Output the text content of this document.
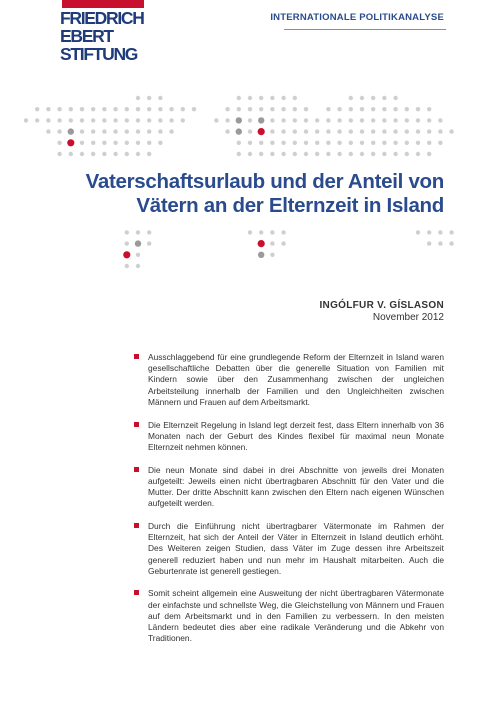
FRIEDRICH
EBERT
STIFTUNG
INTERNATIONALE POLITIKANALYSE
Vaterschaftsurlaub und der Anteil von
Vätern an der Elternzeit in Island
INGÓLFUR V. GÍSLASON
November 2012
Ausschlaggebend für eine grundlegende Reform der Elternzeit in Island waren gesellschaftliche Debatten über die generelle Situation von Familien mit Kindern sowie über den Zusammenhang zwischen der ungleichen Arbeitsteilung innerhalb der Familien und den Ungleichheiten zwischen Männern und Frauen auf dem Arbeitsmarkt.
Die Elternzeit Regelung in Island legt derzeit fest, dass Eltern innerhalb von 36 Monaten nach der Geburt des Kindes flexibel für maximal neun Monate Elternzeit nehmen können.
Die neun Monate sind dabei in drei Abschnitte von jeweils drei Monaten aufgeteilt: Jeweils einen nicht übertragbaren Abschnitt für den Vater und die Mutter. Der dritte Abschnitt kann zwischen den Eltern nach eigenen Wünschen aufgeteilt werden.
Durch die Einführung nicht übertragbarer Vätermonate im Rahmen der Elternzeit, hat sich der Anteil der Väter in Elternzeit in Island deutlich erhöht. Des Weiteren zeigen Studien, dass Väter im Zuge dessen ihre Arbeitszeit generell reduziert haben und nun mehr im Haushalt mitarbeiten. Auch die Geburtenrate ist generell gestiegen.
Somit scheint allgemein eine Ausweitung der nicht übertragbaren Vätermonate der einfachste und schnellste Weg, die Gleichstellung von Männern und Frauen auf dem Arbeitsmarkt und in den Familien zu verbessern. In den meisten Ländern bedeutet dies aber eine radikale Veränderung und die Abkehr von Traditionen.
